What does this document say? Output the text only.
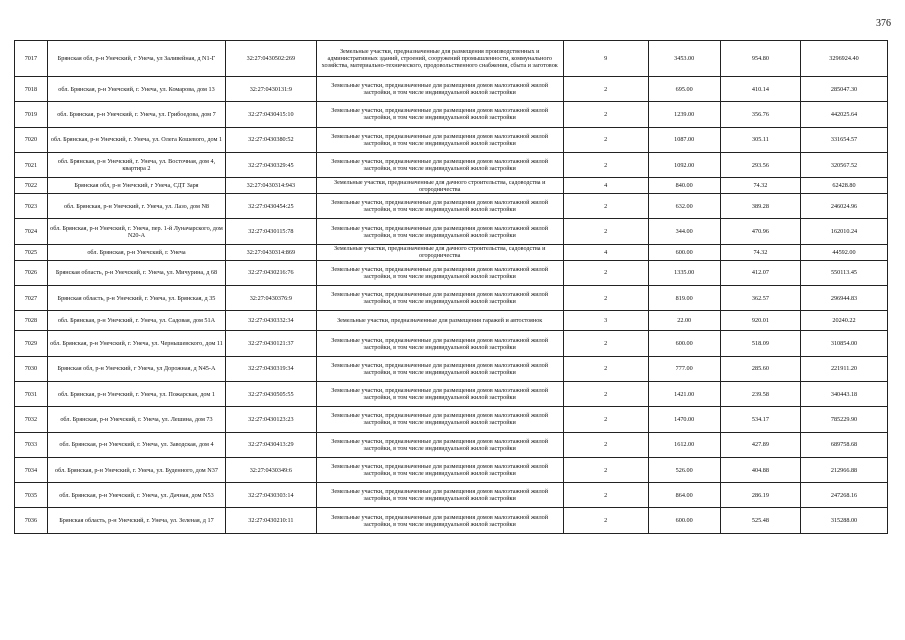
376
7017	Брянская обл, р-н Унечский, г Унеча, ул Заливейная, д N1-Г	32:27:0430502:269	Земельные участки, предназначенные для размещения производственных и административных зданий, строений, сооружений промышленности, коммунального хозяйства, материально-технического, продовольственного снабжения, сбыта и заготовок	9	3453.00	954.80	3296924.40
7018	обл. Брянская, р-н Унечский, г. Унеча, ул. Комарова, дом 13	32:27:0430131:9	Земельные участки, предназначенные для размещения домов малоэтажной жилой застройки, в том числе индивидуальной жилой застройки	2	695.00	410.14	285047.30
7019	обл. Брянская, р-н Унечский, г. Унеча, ул. Грибоедова, дом 7	32:27:0430415:10	Земельные участки, предназначенные для размещения домов малоэтажной жилой застройки, в том числе индивидуальной жилой застройки	2	1239.00	356.76	442025.64
7020	обл. Брянская, р-н Унечский, г. Унеча, ул. Олега Кошевого, дом 1	32:27:0430380:52	Земельные участки, предназначенные для размещения домов малоэтажной жилой застройки, в том числе индивидуальной жилой застройки	2	1087.00	305.11	331654.57
7021	обл. Брянская, р-н Унечский, г. Унеча, ул. Восточная, дом 4, квартира 2	32:27:0430329:45	Земельные участки, предназначенные для размещения домов малоэтажной жилой застройки, в том числе индивидуальной жилой застройки	2	1092.00	293.56	320567.52
7022	Брянская обл, р-н Унечский, г Унеча, СДТ Заря	32:27:0430314:943	Земельные участки, предназначенные для дачного строительства, садоводства и огородничества	4	840.00	74.32	62428.80
7023	обл. Брянская, р-н Унечский, г. Унеча, ул. Лазо, дом N8	32:27:0430454:25	Земельные участки, предназначенные для размещения домов малоэтажной жилой застройки, в том числе индивидуальной жилой застройки	2	632.00	389.28	246024.96
7024	обл. Брянская, р-н Унечский, г. Унеча, пер. 1-й Луначарского, дом N20-А	32:27:0430115:78	Земельные участки, предназначенные для размещения домов малоэтажной жилой застройки, в том числе индивидуальной жилой застройки	2	344.00	470.96	162010.24
7025	обл. Брянская, р-н Унечский, г. Унеча	32:27:0430314:869	Земельные участки, предназначенные для дачного строительства, садоводства и огородничества	4	600.00	74.32	44592.00
7026	Брянская область, р-н Унечский, г. Унеча, ул. Мичурина, д 68	32:27:0430216:76	Земельные участки, предназначенные для размещения домов малоэтажной жилой застройки, в том числе индивидуальной жилой застройки	2	1335.00	412.07	550113.45
7027	Брянская область, р-н Унечский, г. Унеча, ул. Брянская, д 35	32:27:0430376:9	Земельные участки, предназначенные для размещения домов малоэтажной жилой застройки, в том числе индивидуальной жилой застройки	2	819.00	362.57	296944.83
7028	обл. Брянская, р-н Унечский, г. Унеча, ул. Садовая, дом 51А	32:27:0430332:34	Земельные участки, предназначенные для размещения гаражей и автостоянок	3	22.00	920.01	20240.22
7029	обл. Брянская, р-н Унечский, г. Унеча, ул. Чернышевского, дом 11	32:27:0430121:37	Земельные участки, предназначенные для размещения домов малоэтажной жилой застройки, в том числе индивидуальной жилой застройки	2	600.00	518.09	310854.00
7030	Брянская обл, р-н Унечский, г Унеча, ул Дорожная, д N45-А	32:27:0430319:34	Земельные участки, предназначенные для размещения домов малоэтажной жилой застройки, в том числе индивидуальной жилой застройки	2	777.00	285.60	221911.20
7031	обл. Брянская, р-н Унечский, г. Унеча, ул. Пожарская, дом 1	32:27:0430505:55	Земельные участки, предназначенные для размещения домов малоэтажной жилой застройки, в том числе индивидуальной жилой застройки	2	1421.00	239.58	340443.18
7032	обл. Брянская, р-н Унечский, г. Унеча, ул. Лешина, дом 73	32:27:0430123:23	Земельные участки, предназначенные для размещения домов малоэтажной жилой застройки, в том числе индивидуальной жилой застройки	2	1470.00	534.17	785229.90
7033	обл. Брянская, р-н Унечский, г. Унеча, ул. Заводская, дом 4	32:27:0430413:29	Земельные участки, предназначенные для размещения домов малоэтажной жилой застройки, в том числе индивидуальной жилой застройки	2	1612.00	427.89	689758.68
7034	обл. Брянская, р-н Унечский, г. Унеча, ул. Буденного, дом N37	32:27:0430349:6	Земельные участки, предназначенные для размещения домов малоэтажной жилой застройки, в том числе индивидуальной жилой застройки	2	526.00	404.88	212966.88
7035	обл. Брянская, р-н Унечский, г. Унеча, ул. Дачная, дом N53	32:27:0430303:14	Земельные участки, предназначенные для размещения домов малоэтажной жилой застройки, в том числе индивидуальной жилой застройки	2	864.00	286.19	247268.16
7036	Брянская область, р-н Унечский, г. Унеча, ул. Зеленая, д 17	32:27:0430210:11	Земельные участки, предназначенные для размещения домов малоэтажной жилой застройки, в том числе индивидуальной жилой застройки	2	600.00	525.48	315288.00
